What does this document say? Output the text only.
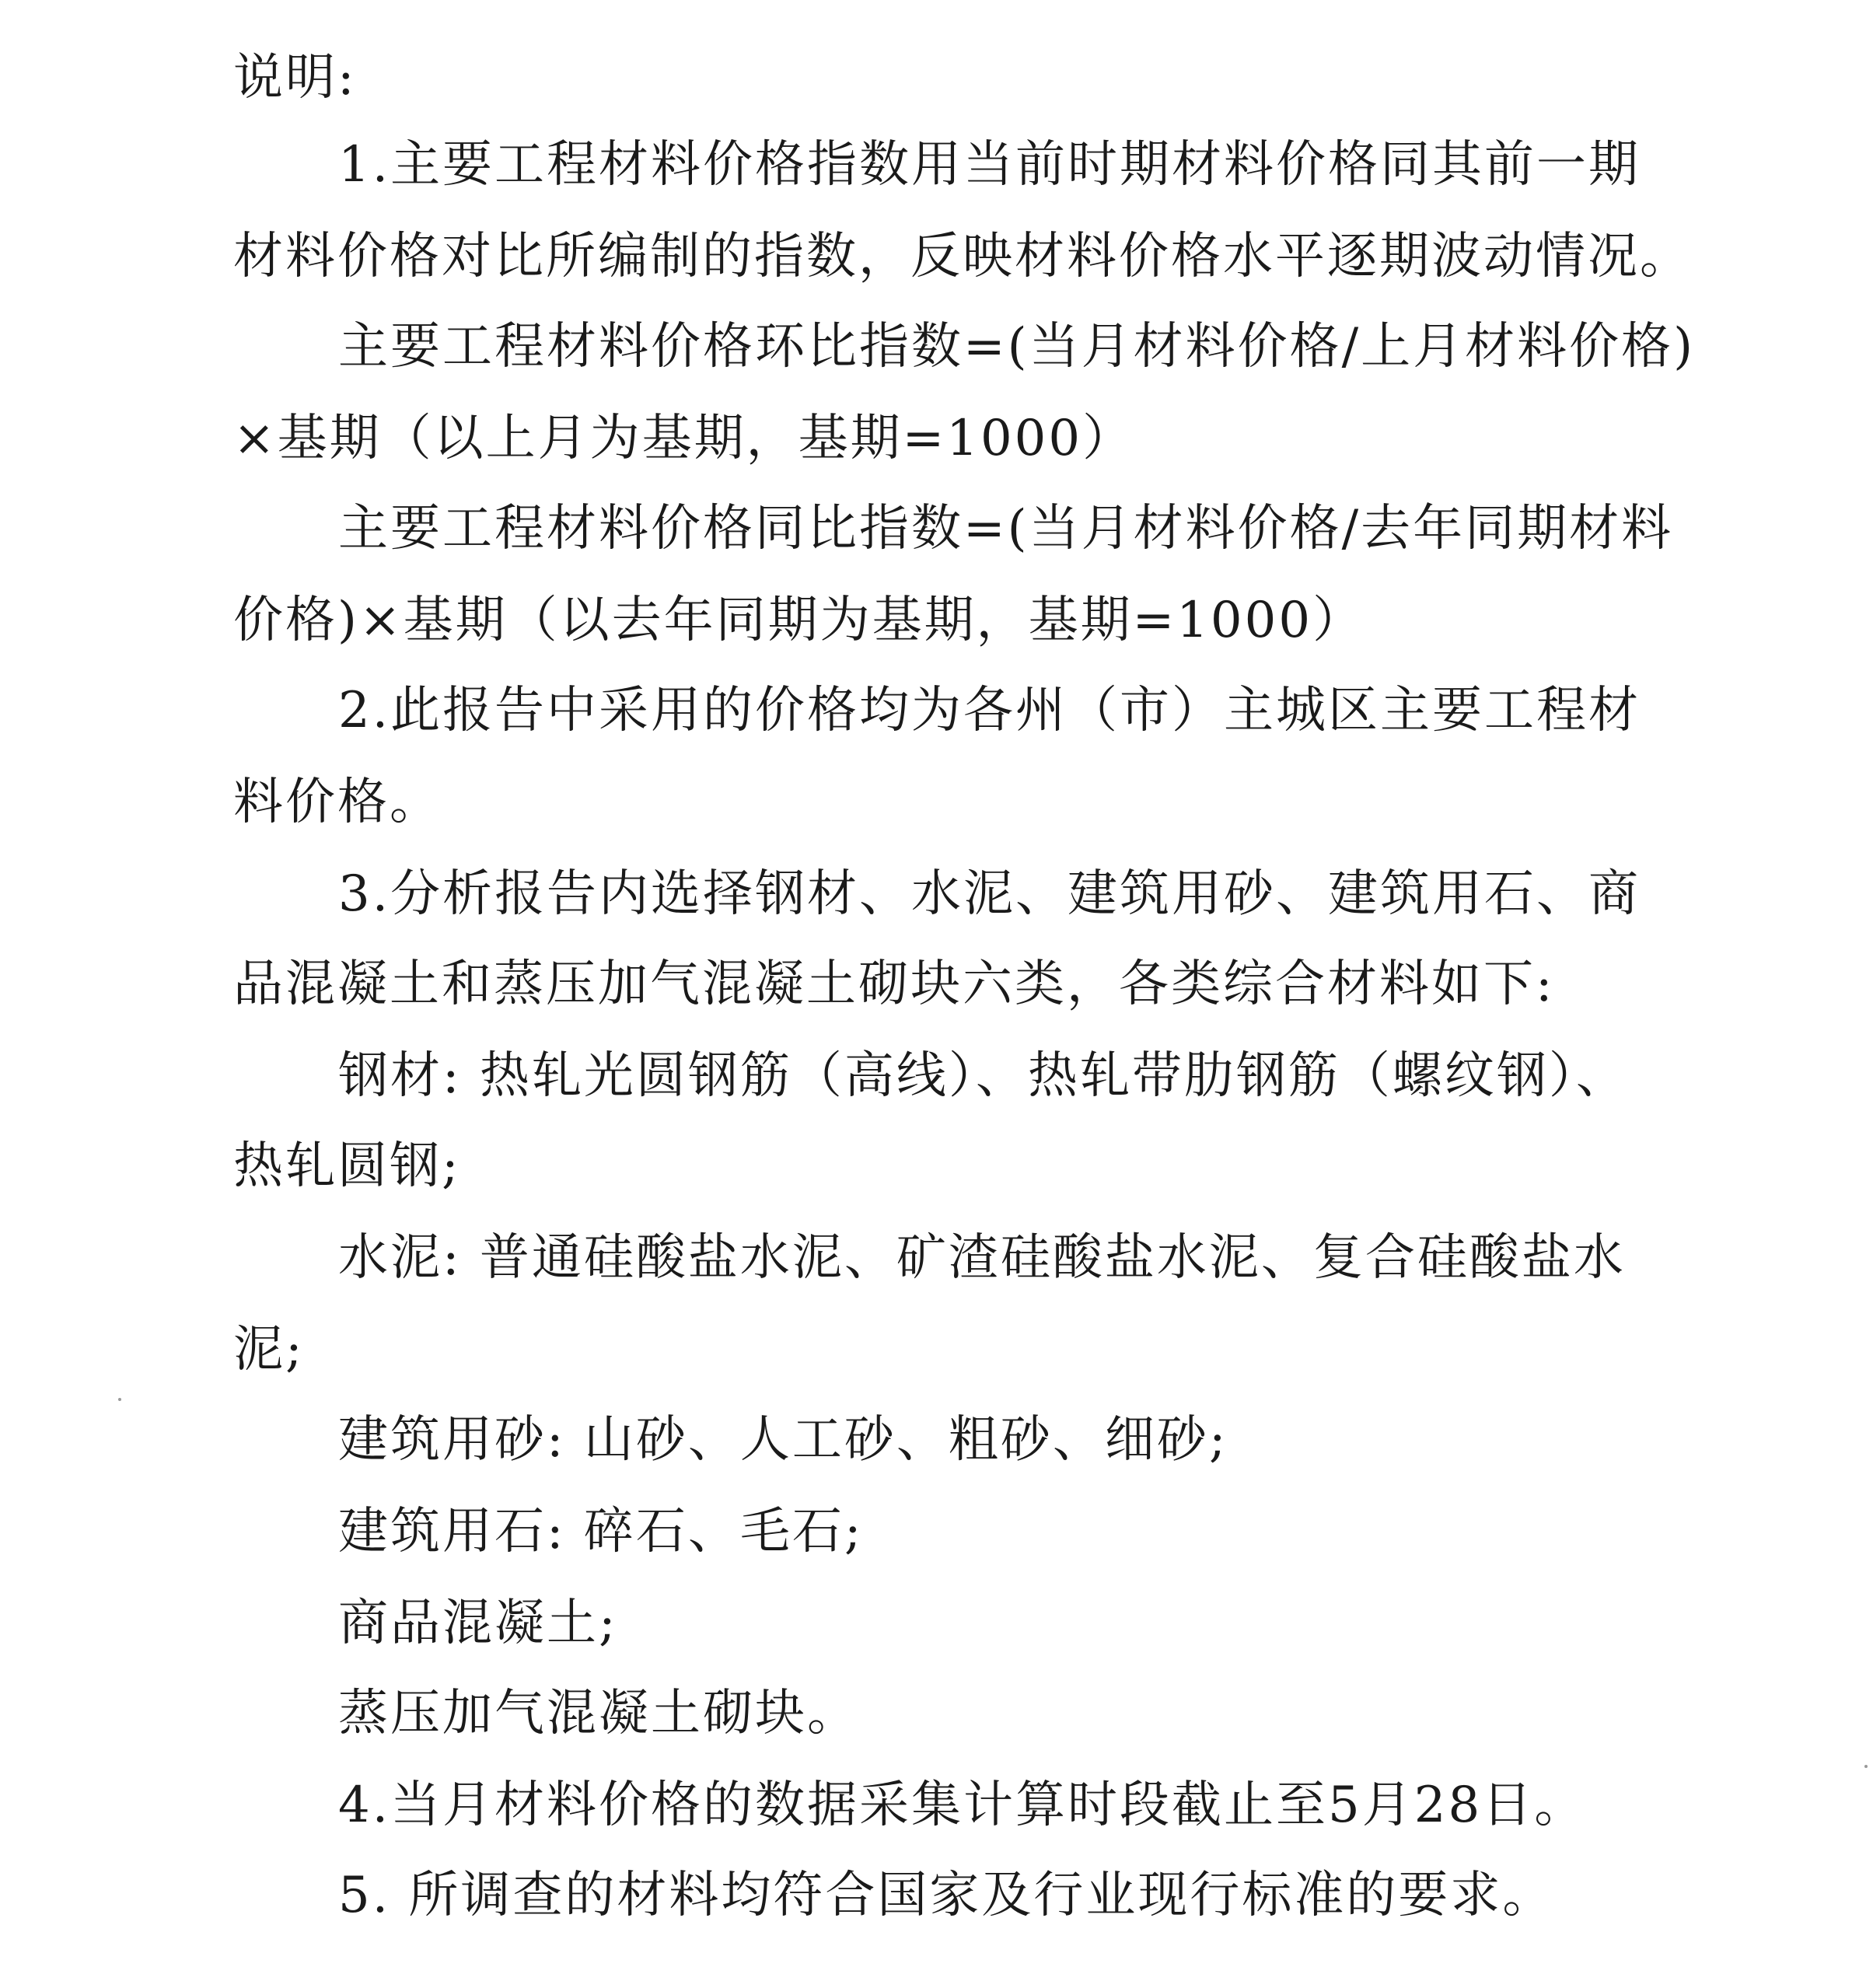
说明:
1.主要工程材料价格指数用当前时期材料价格同其前一期
材料价格对比所编制的指数，反映材料价格水平逐期波动情况。
主要工程材料价格环比指数=(当月材料价格/上月材料价格)
×基期（以上月为基期，基期=1000）
主要工程材料价格同比指数=(当月材料价格/去年同期材料
价格)×基期（以去年同期为基期，基期=1000）
2.此报告中采用的价格均为各州（市）主城区主要工程材
料价格。
3.分析报告内选择钢材、水泥、建筑用砂、建筑用石、商
品混凝土和蒸压加气混凝土砌块六类，各类综合材料如下:
钢材: 热轧光圆钢筋（高线）、热轧带肋钢筋（螺纹钢）、
热轧圆钢;
水泥: 普通硅酸盐水泥、矿渣硅酸盐水泥、复合硅酸盐水
泥;
建筑用砂: 山砂、人工砂、粗砂、细砂;
建筑用石: 碎石、毛石;
商品混凝土;
蒸压加气混凝土砌块。
4.当月材料价格的数据采集计算时段截止至5月28日。
5. 所调查的材料均符合国家及行业现行标准的要求。
